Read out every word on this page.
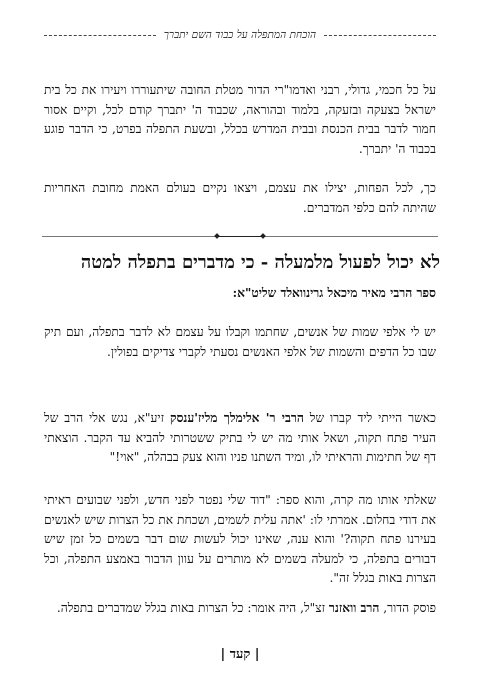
הוכחת המתפלה על כבוד השם יתברך

על כל חכמי, גדולי, רבני ואדמו"רי הדור מטלת החובה שיתעוררו ויעירו את כל בית ישראל בצעקה ובזעקה, בלמוד ובהוראה, שכבוד ה' יתברך קודם לכל, וקיים אסור חמור לדבר בבית הכנסת ובבית המדרש בכלל, ובשעת התפלה בפרט, כי הדבר פוגע בכבוד ה' יתברך.

כך, לכל הפחות, יצילו את עצמם, ויצאו נקיים בעולם האמת מחובת האחריות שהיתה להם כלפי המדברים.

לא יכול לפעול מלמעלה - כי מדברים בתפלה למטה
ספר הרבי מאיר מיכאל גרינוואלד שליט"א:

יש לי אלפי שמות של אנשים, שחתמו וקבלו על עצמם לא לדבר בתפלה, ועם תיק שבו כל הדפים והשמות של אלפי האנשים נסעתי לקברי צדיקים בפולין.

כאשר הייתי ליד קברו של הרבי ר' אלימלך מליז'ענסק זיע"א, נגש אלי הרב של העיר פתח תקוה, ושאל אותי מה יש לי בתיק ששטרותי להביא עד הקבר. הוצאתי דף של חתימות והראיתי לו, ומיד השתנו פניו והוא צעק בבהלה, "אוי!"

שאלתי אותו מה קרה, והוא ספר: "דוד שלי נפטר לפני חדש, ולפני שבועים ראיתי את דודי בחלום. אמרתי לו: 'אתה עלית לשמים, ושכחת את כל הצרות שיש לאנשים בעירנו פתח תקוה?' והוא ענה, שאינו יכול לעשות שום דבר בשמים כל זמן שיש דבורים בתפלה, כי למעלה בשמים לא מותרים על עוון הדבור באמצע התפלה, וכל הצרות באות בגלל זה".

פוסק הדור, הרב וואזנר זצ"ל, היה אומר: כל הצרות באות בגלל שמדברים בתפלה.

| קעד |
